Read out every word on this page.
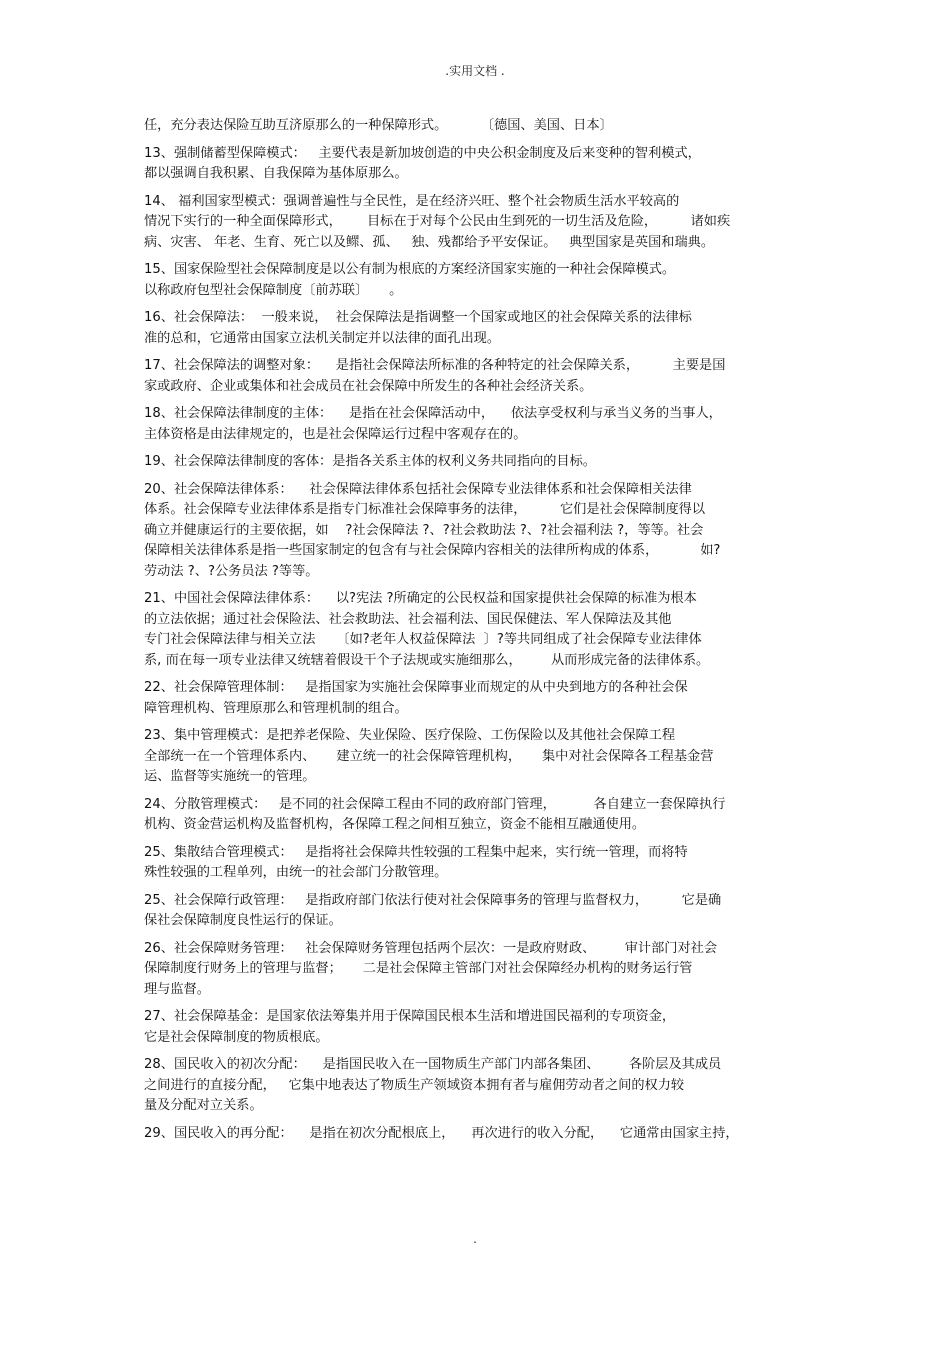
.实用文档 .
任，充分表达保险互助互济原那么的一种保障形式。        〔德国、美国、日本〕
13、强制储蓄型保障模式：   主要代表是新加坡创造的中央公积金制度及后来变种的智利模式，
都以强调自我积累、自我保障为基体原那么。
14、 福利国家型模式：强调普遍性与全民性，是在经济兴旺、整个社会物质生活水平较高的
情况下实行的一种全面保障形式，      目标在于对每个公民由生到死的一切生活及危险，        诸如疾
病、灾害、 年老、生育、死亡以及鳏、孤、   独、残都给予平安保证。   典型国家是英国和瑞典。
15、国家保险型社会保障制度是以公有制为根底的方案经济国家实施的一种社会保障模式。
以称政府包型社会保障制度〔前苏联〕     。
16、社会保障法：  一般来说，  社会保障法是指调整一个国家或地区的社会保障关系的法律标
准的总和，它通常由国家立法机关制定并以法律的面孔出现。
17、社会保障法的调整对象：    是指社会保障法所标准的各种特定的社会保障关系，        主要是国
家或政府、企业或集体和社会成员在社会保障中所发生的各种社会经济关系。
18、社会保障法律制度的主体：    是指在社会保障活动中，    依法享受权利与承当义务的当事人，
主体资格是由法律规定的，也是社会保障运行过程中客观存在的。
19、社会保障法律制度的客体：是指各关系主体的权利义务共同指向的目标。
20、社会保障法律体系：    社会保障法律体系包括社会保障专业法律体系和社会保障相关法律
体系。社会保障专业法律体系是指专门标准社会保障事务的法律，        它们是社会保障制度得以
确立并健康运行的主要依据，如    ?社会保障法 ?、?社会救助法 ?、?社会福利法 ?，等等。社会
保障相关法律体系是指一些国家制定的包含有与社会保障内容相关的法律所构成的体系，          如?
劳动法 ?、?公务员法 ?等等。
21、中国社会保障法律体系：    以?宪法 ?所确定的公民权益和国家提供社会保障的标准为根本
的立法依据；通过社会保险法、社会救助法、社会福利法、国民保健法、军人保障法及其他
专门社会保障法律与相关立法     〔如?老年人权益保障法  〕?等共同组成了社会保障专业法律体
系, 而在每一项专业法律又统辖着假设干个子法规或实施细那么，       从而形成完备的法律体系。
22、社会保障管理体制：   是指国家为实施社会保障事业而规定的从中央到地方的各种社会保
障管理机构、管理原那么和管理机制的组合。
23、集中管理模式：是把养老保险、失业保险、医疗保险、工伤保险以及其他社会保障工程
全部统一在一个管理体系内、     建立统一的社会保障管理机构，     集中对社会保障各工程基金营
运、监督等实施统一的管理。
24、分散管理模式：   是不同的社会保障工程由不同的政府部门管理，         各自建立一套保障执行
机构、资金营运机构及监督机构，各保障工程之间相互独立，资金不能相互融通使用。
25、集散结合管理模式：   是指将社会保障共性较强的工程集中起来，实行统一管理，而将特
殊性较强的工程单列，由统一的社会部门分散管理。
25、社会保障行政管理：   是指政府部门依法行使对社会保障事务的管理与监督权力，        它是确
保社会保障制度良性运行的保证。
26、社会保障财务管理：   社会保障财务管理包括两个层次：一是政府财政、       审计部门对社会
保障制度行财务上的管理与监督；     二是社会保障主管部门对社会保障经办机构的财务运行管
理与监督。
27、社会保障基金：是国家依法筹集并用于保障国民根本生活和增进国民福利的专项资金，
它是社会保障制度的物质根底。
28、国民收入的初次分配：    是指国民收入在一国物质生产部门内部各集团、       各阶层及其成员
之间进行的直接分配，   它集中地表达了物质生产领域资本拥有者与雇佣劳动者之间的权力较
量及分配对立关系。
29、国民收入的再分配：    是指在初次分配根底上，    再次进行的收入分配，    它通常由国家主持，
.
